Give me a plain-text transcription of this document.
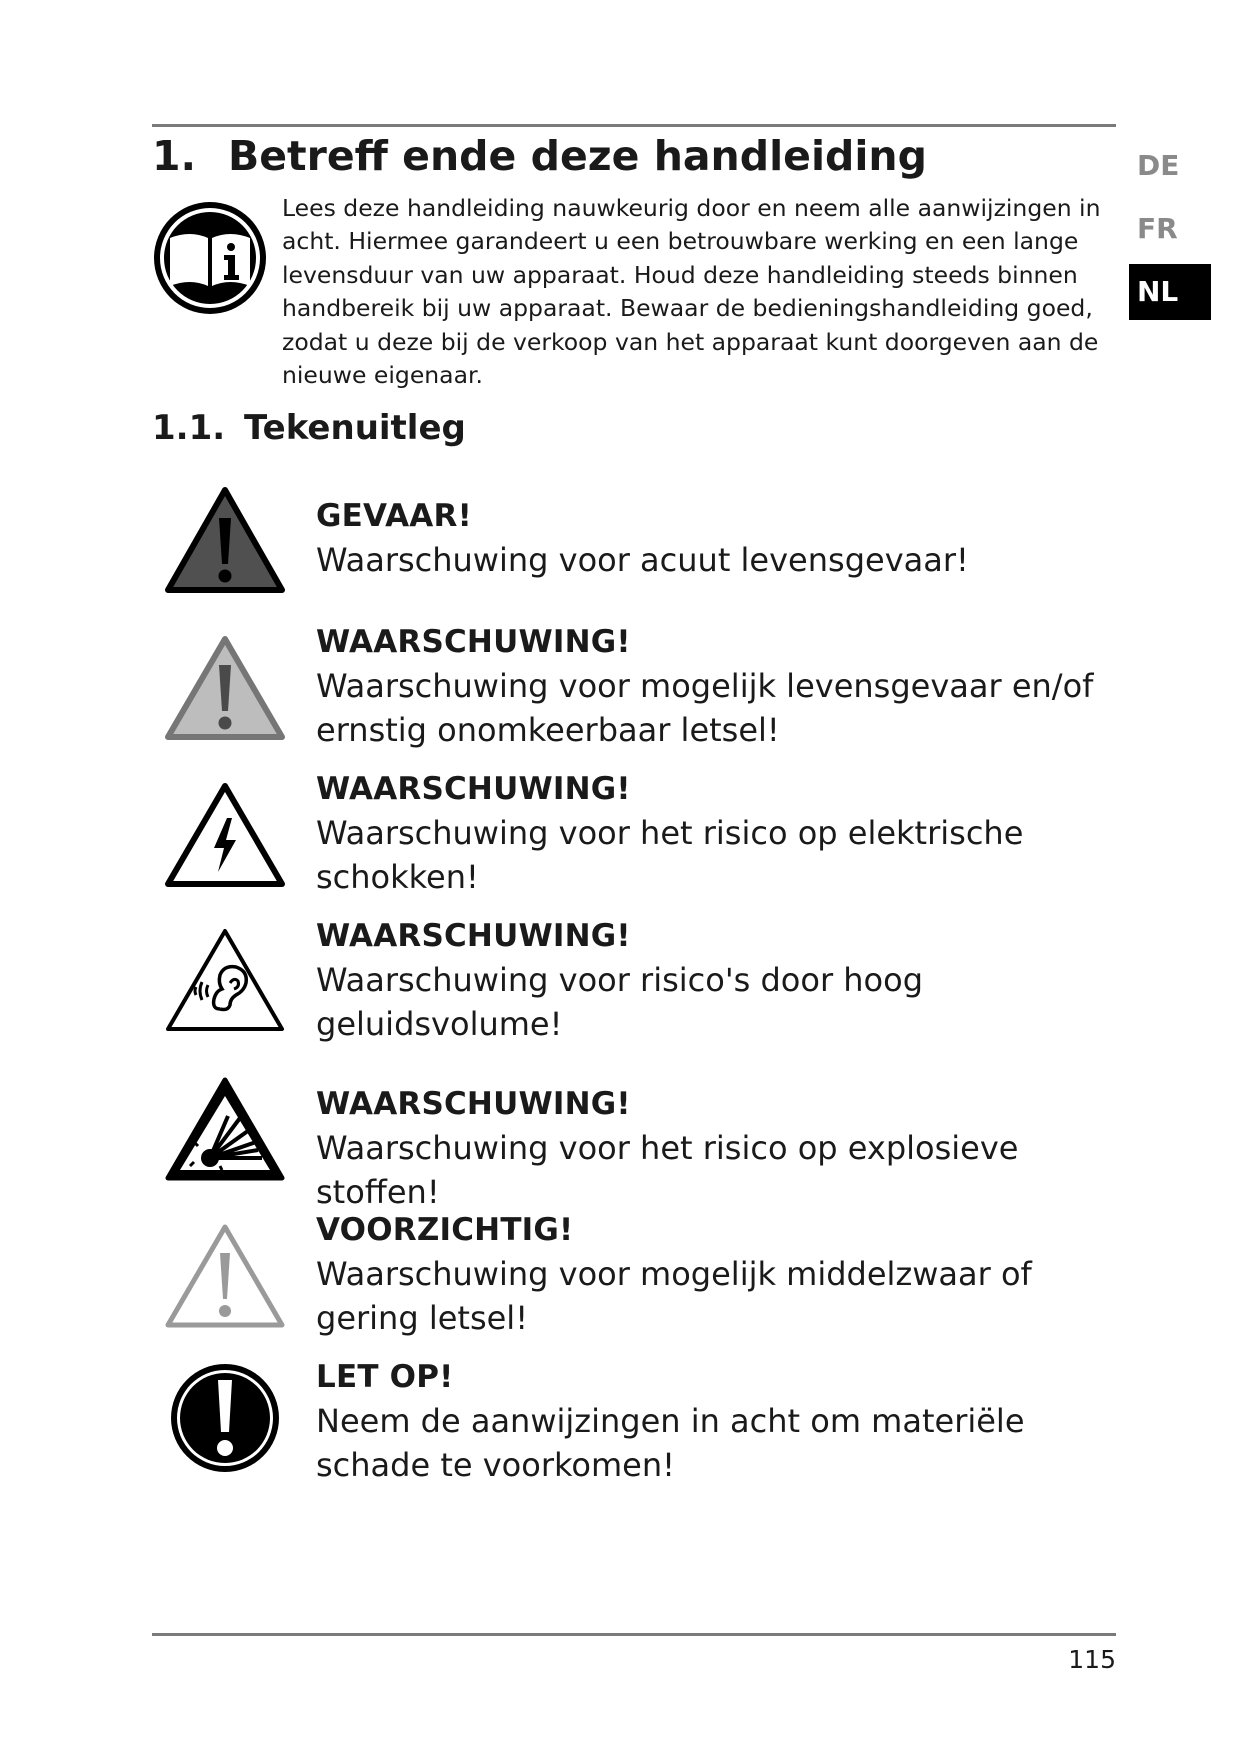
1. Betreff ende deze handleiding

Lees deze handleiding nauwkeurig door en neem alle aanwijzingen in acht. Hiermee garandeert u een betrouwbare werking en een lange levensduur van uw apparaat. Houd deze handleiding steeds binnen handbereik bij uw apparaat. Bewaar de bedieningshandleiding goed, zodat u deze bij de verkoop van het apparaat kunt doorgeven aan de nieuwe eigenaar.

1.1. Tekenuitleg
DE
FR
NL
GEVAAR!
Waarschuwing voor acuut levensgevaar!
WAARSCHUWING!
Waarschuwing voor mogelijk levensgevaar en/of ernstig onomkeerbaar letsel!
WAARSCHUWING!
Waarschuwing voor het risico op elektrische schokken!
WAARSCHUWING!
Waarschuwing voor risico's door hoog geluidsvolume!
WAARSCHUWING!
Waarschuwing voor het risico op explosieve stoffen!
VOORZICHTIG!
Waarschuwing voor mogelijk middelzwaar of gering letsel!
LET OP!
Neem de aanwijzingen in acht om materiële schade te voorkomen!
115
